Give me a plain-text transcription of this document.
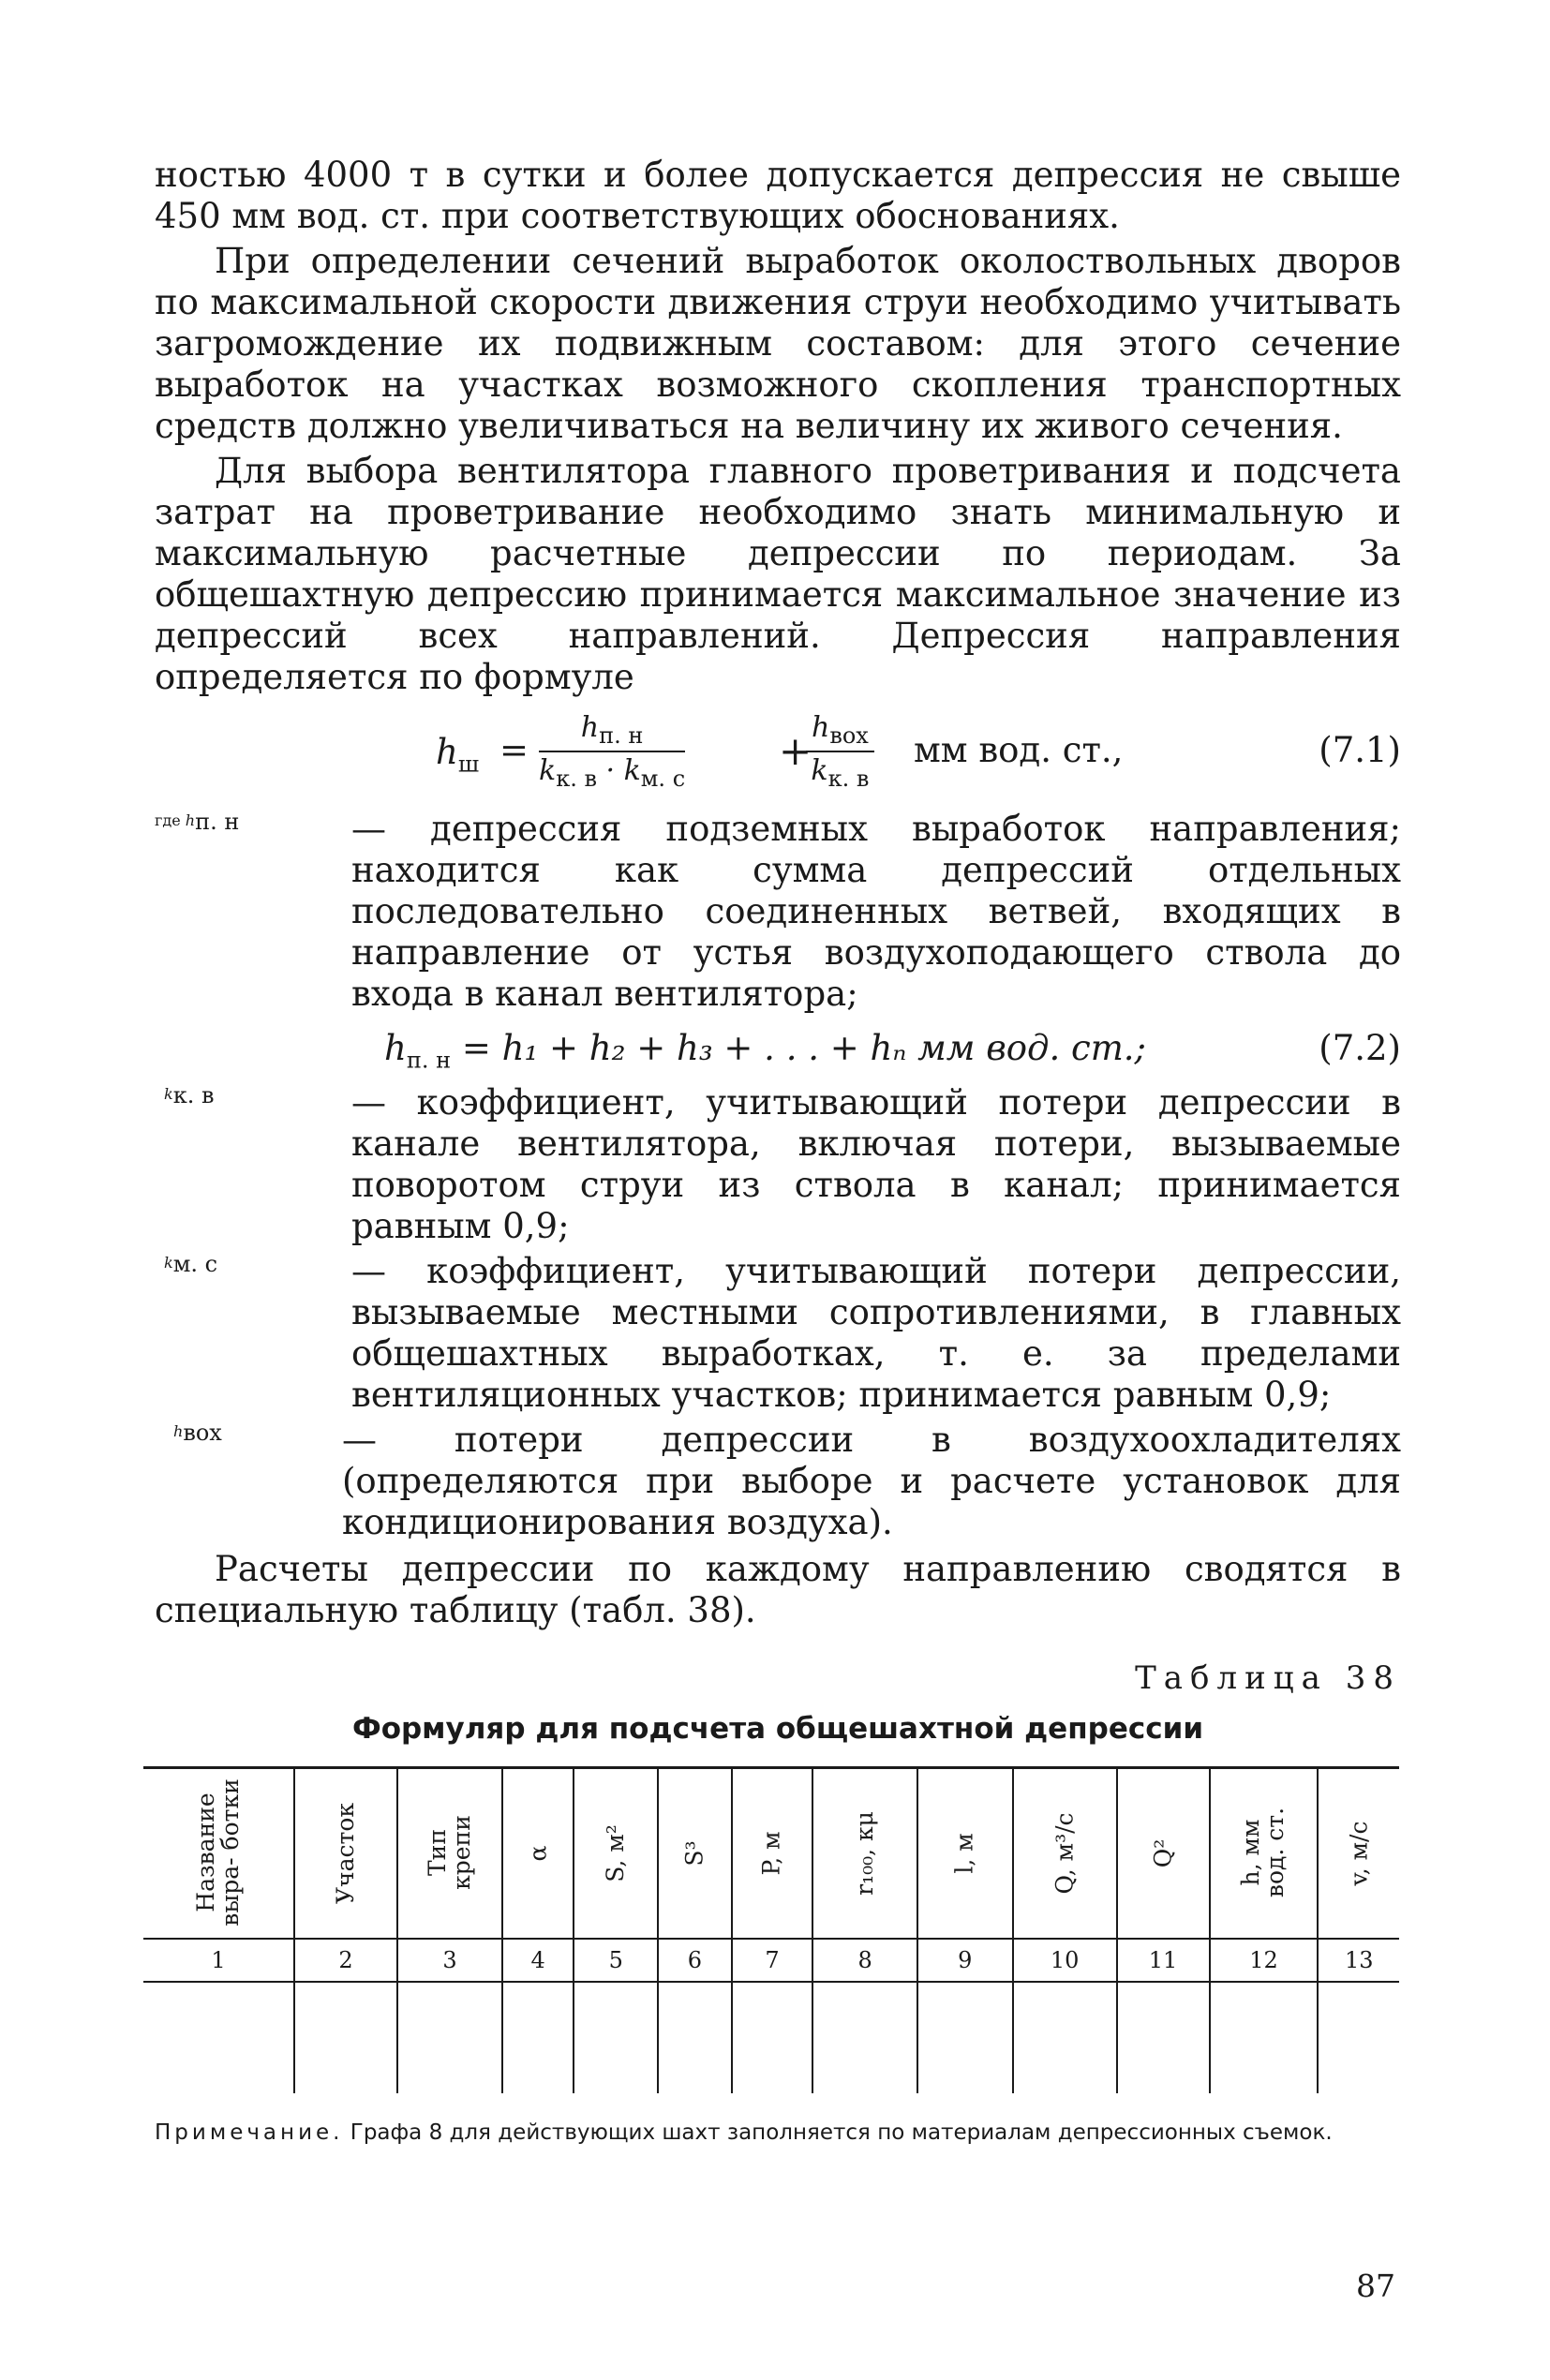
ностью 4000 т в сутки и более допускается депрессия не свыше 450 мм вод. ст. при соответствующих обоснованиях.

При определении сечений выработок околоствольных дворов по максимальной скорости движения струи необходимо учитывать загромождение их подвижным составом: для этого сечение выработок на участках возможного скопления транспортных средств должно увеличиваться на величину их живого сечения.

Для выбора вентилятора главного проветривания и подсчета затрат на проветривание необходимо знать минимальную и максимальную расчетные депрессии по периодам. За общешахтную депрессию принимается максимальное значение из депрессий всех направлений. Депрессия направления определяется по формуле

$h_ш$ =
$h_{п. н}$
$k_{к. в} \cdot k_{м. с}$
+
$h_{вох}$
$k_{к. в}$
мм вод. ст.,	(7.1)
где $h_{п. н}$	— депрессия подземных выработок направления; находится как сумма депрессий отдельных последовательно соединенных ветвей, входящих в направление от устья воздухоподающего ствола до входа в канал вентилятора;
$h_{п. н} = h_1 + h_2 + h_3$ + . . . + hₙ мм вод. ст.;	(7.2)
$k_{к. в}$	— коэффициент, учитывающий потери депрессии в канале вентилятора, включая потери, вызываемые поворотом струи из ствола в канал; принимается равным 0,9;
$k_{м. с}$	— коэффициент, учитывающий потери депрессии, вызываемые местными сопротивлениями, в главных общешахтных выработках, т. е. за пределами вентиляционных участков; принимается равным 0,9;
$h_{вох}$	— потери депрессии в воздухоохладителях (определяются при выборе и расчете установок для кондиционирования воздуха).

Расчеты депрессии по каждому направлению сводятся в специальную таблицу (табл. 38).

Таблица 38
Формуляр для подсчета общешахтной депрессии
Название выра- ботки	Участок	Тип крепи	α	S, м²	S³	P, м	r₁₀₀, кμ	l, м	Q, м³/с	Q²	h, мм вод. ст.	v, м/с
1	2	3	4	5	6	7	8	9	10	11	12	13

Примечание. Графа 8 для действующих шахт заполняется по материалам депрессионных съемок.
87
